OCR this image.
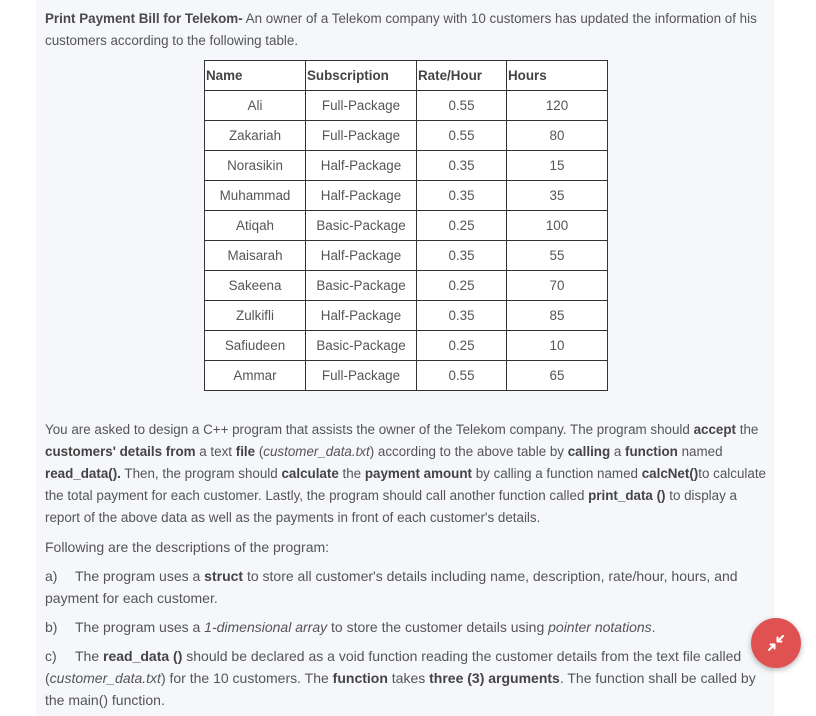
Print Payment Bill for Telekom- An owner of a Telekom company with 10 customers has updated the information of his customers according to the following table.

Name	Subscription	Rate/Hour	Hours
Ali	Full-Package	0.55	120
Zakariah	Full-Package	0.55	80
Norasikin	Half-Package	0.35	15
Muhammad	Half-Package	0.35	35
Atiqah	Basic-Package	0.25	100
Maisarah	Half-Package	0.35	55
Sakeena	Basic-Package	0.25	70
Zulkifli	Half-Package	0.35	85
Safiudeen	Basic-Package	0.25	10
Ammar	Full-Package	0.55	65

You are asked to design a C++ program that assists the owner of the Telekom company. The program should accept the customers' details from a text file (customer_data.txt) according to the above table by calling a function named read_data(). Then, the program should calculate the payment amount by calling a function named calcNet()to calculate the total payment for each customer. Lastly, the program should call another function called print_data () to display a report of the above data as well as the payments in front of each customer's details.

Following are the descriptions of the program:

a) The program uses a struct to store all customer's details including name, description, rate/hour, hours, and payment for each customer.

b) The program uses a 1-dimensional array to store the customer details using pointer notations.

c) The read_data () should be declared as a void function reading the customer details from the text file called (customer_data.txt) for the 10 customers. The function takes three (3) arguments. The function shall be called by the main() function.
